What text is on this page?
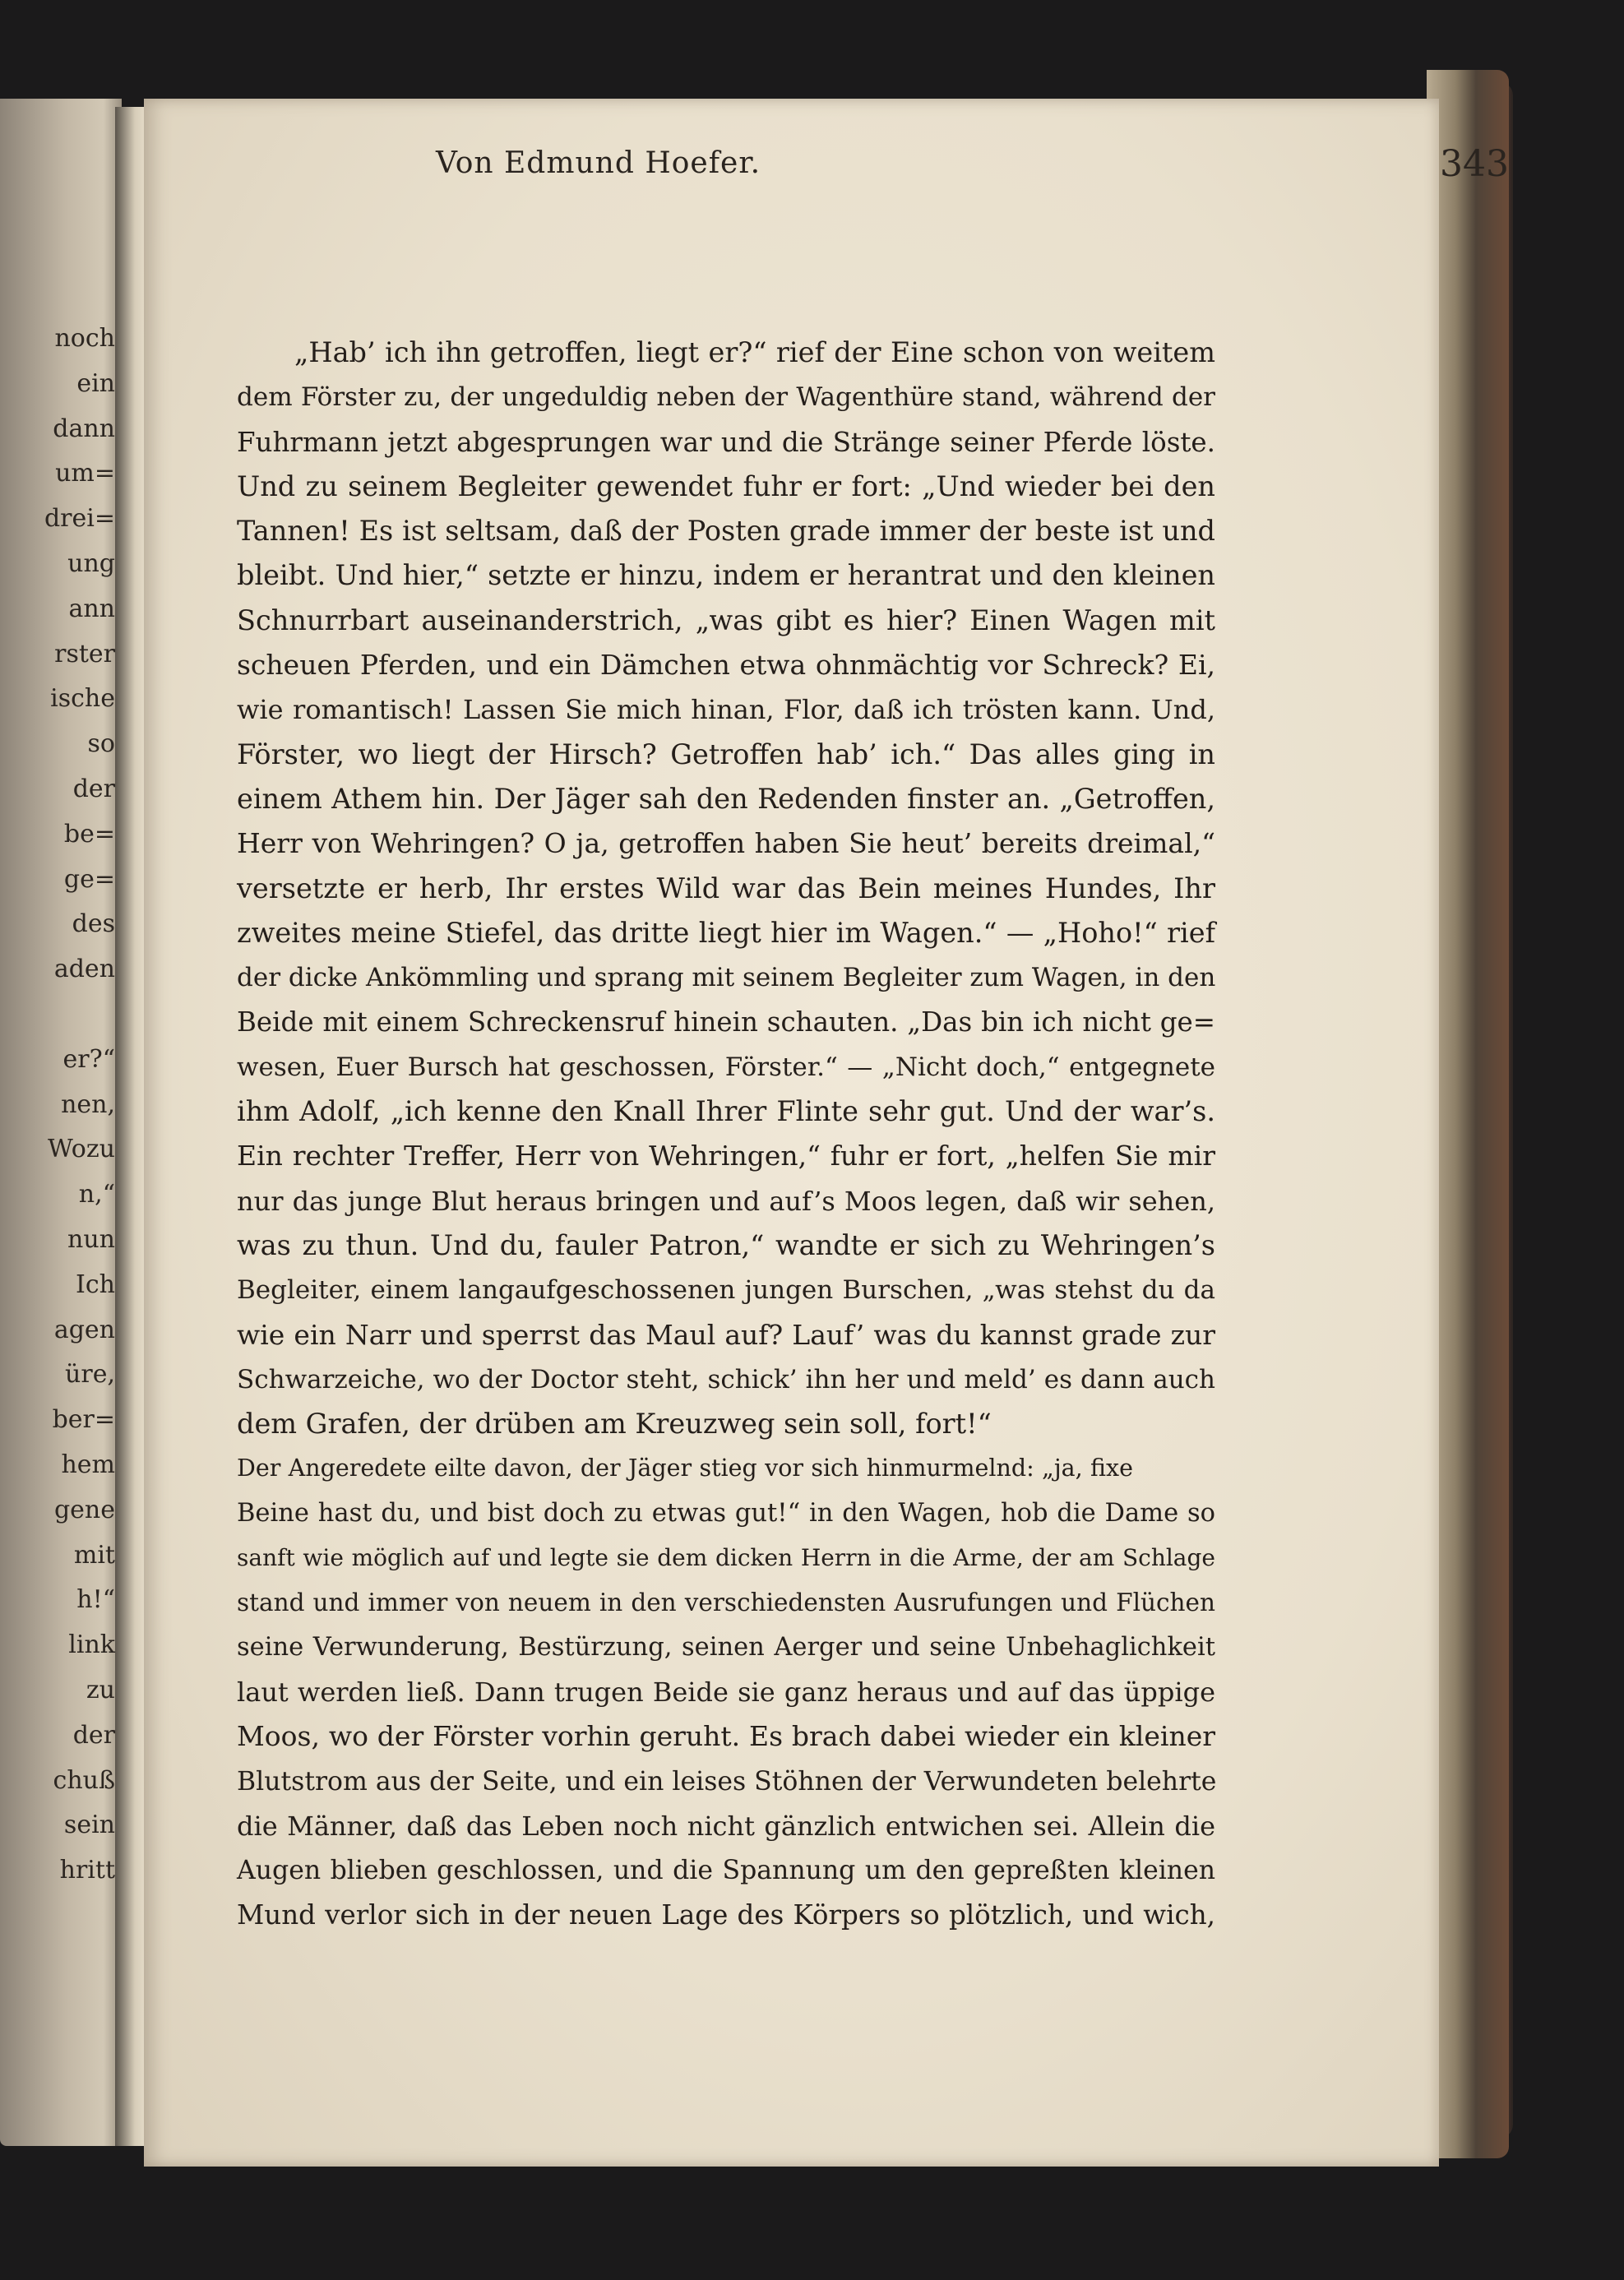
noch
ein
dann
um=
drei=
ung
ann
rster
ische
so
der
be=
ge=
des
aden
er?“
nen,
Wozu
n,“
nun
Ich
agen
üre,
ber=
hem
gene
mit
h!“
link
zu
der
chuß
sein
hritt
Von Edmund Hoefer.	343
„Hab’ ich ihn getroffen, liegt er?“ rief der Eine schon von weitem
dem Förster zu, der ungeduldig neben der Wagenthüre stand, während der
Fuhrmann jetzt abgesprungen war und die Stränge seiner Pferde löste.
Und zu seinem Begleiter gewendet fuhr er fort: „Und wieder bei den
Tannen! Es ist seltsam, daß der Posten grade immer der beste ist und
bleibt. Und hier,“ setzte er hinzu, indem er herantrat und den kleinen
Schnurrbart auseinanderstrich, „was gibt es hier? Einen Wagen mit
scheuen Pferden, und ein Dämchen etwa ohnmächtig vor Schreck? Ei,
wie romantisch! Lassen Sie mich hinan, Flor, daß ich trösten kann. Und,
Förster, wo liegt der Hirsch? Getroffen hab’ ich.“ Das alles ging in
einem Athem hin. Der Jäger sah den Redenden finster an. „Getroffen,
Herr von Wehringen? O ja, getroffen haben Sie heut’ bereits dreimal,“
versetzte er herb, Ihr erstes Wild war das Bein meines Hundes, Ihr
zweites meine Stiefel, das dritte liegt hier im Wagen.“ — „Hoho!“ rief
der dicke Ankömmling und sprang mit seinem Begleiter zum Wagen, in den
Beide mit einem Schreckensruf hinein schauten. „Das bin ich nicht ge=
wesen, Euer Bursch hat geschossen, Förster.“ — „Nicht doch,“ entgegnete
ihm Adolf, „ich kenne den Knall Ihrer Flinte sehr gut. Und der war’s.
Ein rechter Treffer, Herr von Wehringen,“ fuhr er fort, „helfen Sie mir
nur das junge Blut heraus bringen und auf’s Moos legen, daß wir sehen,
was zu thun. Und du, fauler Patron,“ wandte er sich zu Wehringen’s
Begleiter, einem langaufgeschossenen jungen Burschen, „was stehst du da
wie ein Narr und sperrst das Maul auf? Lauf’ was du kannst grade zur
Schwarzeiche, wo der Doctor steht, schick’ ihn her und meld’ es dann auch
dem Grafen, der drüben am Kreuzweg sein soll, fort!“
Der Angeredete eilte davon, der Jäger stieg vor sich hinmurmelnd: „ja, fixe
Beine hast du, und bist doch zu etwas gut!“ in den Wagen, hob die Dame so
sanft wie möglich auf und legte sie dem dicken Herrn in die Arme, der am Schlage
stand und immer von neuem in den verschiedensten Ausrufungen und Flüchen
seine Verwunderung, Bestürzung, seinen Aerger und seine Unbehaglichkeit
laut werden ließ. Dann trugen Beide sie ganz heraus und auf das üppige
Moos, wo der Förster vorhin geruht. Es brach dabei wieder ein kleiner
Blutstrom aus der Seite, und ein leises Stöhnen der Verwundeten belehrte
die Männer, daß das Leben noch nicht gänzlich entwichen sei. Allein die
Augen blieben geschlossen, und die Spannung um den gepreßten kleinen
Mund verlor sich in der neuen Lage des Körpers so plötzlich, und wich,
